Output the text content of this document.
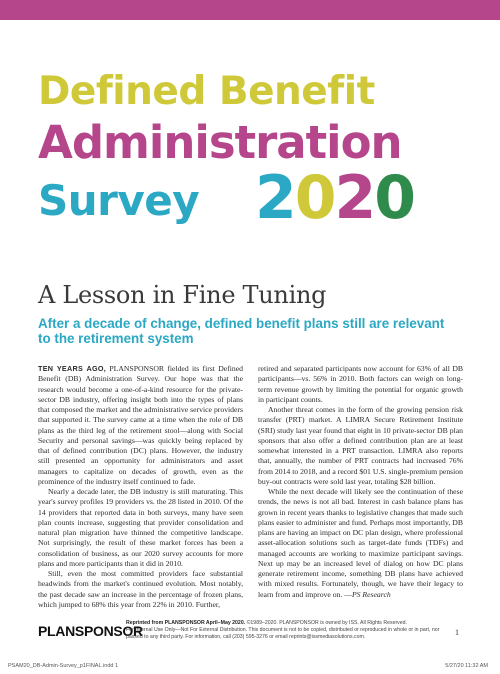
Defined Benefit
Administration
Survey 2020
A Lesson in Fine Tuning
After a decade of change, defined benefit plans still are relevant to the retirement system

TEN YEARS AGO, PLANSPONSOR fielded its first Defined Benefit (DB) Administration Survey. Our hope was that the research would become a one-of-a-kind resource for the private-sector DB industry, offering insight both into the types of plans that composed the market and the administrative service providers that supported it. The survey came at a time when the role of DB plans as the third leg of the retirement stool—along with Social Security and personal savings—was quickly being replaced by that of defined contribution (DC) plans. However, the industry still presented an opportunity for administrators and asset managers to capitalize on decades of growth, even as the prominence of the industry itself continued to fade.

Nearly a decade later, the DB industry is still maturating. This year's survey profiles 19 providers vs. the 28 listed in 2010. Of the 14 providers that reported data in both surveys, many have seen plan counts increase, suggesting that provider consolidation and natural plan migration have thinned the competitive landscape. Not surprisingly, the result of these market forces has been a consolidation of business, as our 2020 survey accounts for more plans and more participants than it did in 2010.

Still, even the most committed providers face substantial headwinds from the market's continued evolution. Most notably, the past decade saw an increase in the percentage of frozen plans, which jumped to 68% this year from 22% in 2010. Further,

retired and separated participants now account for 63% of all DB participants—vs. 56% in 2010. Both factors can weigh on long-term revenue growth by limiting the potential for organic growth in participant counts.

Another threat comes in the form of the growing pension risk transfer (PRT) market. A LIMRA Secure Retirement Institute (SRI) study last year found that eight in 10 private-sector DB plan sponsors that also offer a defined contribution plan are at least somewhat interested in a PRT transaction. LIMRA also reports that, annually, the number of PRT contracts had increased 76% from 2014 to 2018, and a record $01 U.S. single-premium pension buy-out contracts were sold last year, totaling $28 billion.

While the next decade will likely see the continuation of these trends, the news is not all bad. Interest in cash balance plans has grown in recent years thanks to legislative changes that made such plans easier to administer and fund. Perhaps most importantly, DB plans are having an impact on DC plan design, where professional asset-allocation solutions such as target-date funds (TDFs) and managed accounts are working to maximize participant savings. Next up may be an increased level of dialog on how DC plans generate retirement income, something DB plans have achieved with mixed results. Fortunately, though, we have their legacy to learn from and improve on. —PS Research

PLANSPONSOR
Reprinted from PLANSPONSOR April–May 2020. ©1989–2020. PLANSPONSOR is owned by ISS. All Rights Reserved.
For Internal Use Only—Not For External Distribution. This document is not to be copied, distributed or reproduced in whole or in part, nor passed to any third party. For information, call (203) 595-3276 or email reprints@issmediasolutions.com.	1
PSAM20_DB-Admin-Survey_p1FINAL.indd 1	5/27/20 11:32 AM
